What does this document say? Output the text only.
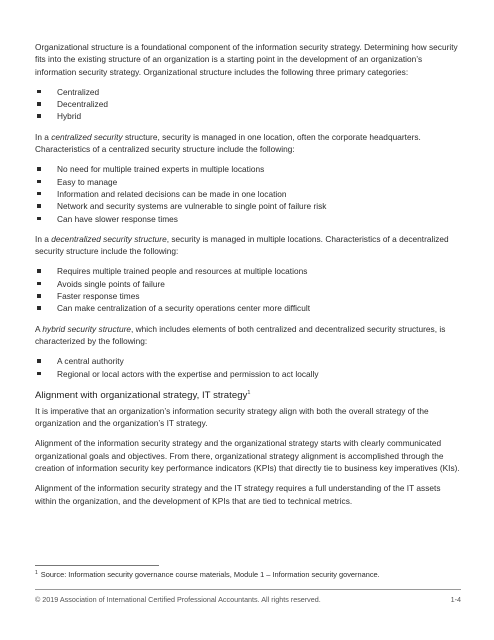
Organizational structure is a foundational component of the information security strategy. Determining how security fits into the existing structure of an organization is a starting point in the development of an organization’s information security strategy. Organizational structure includes the following three primary categories:

Centralized
Decentralized
Hybrid

In a centralized security structure, security is managed in one location, often the corporate headquarters. Characteristics of a centralized security structure include the following:

No need for multiple trained experts in multiple locations
Easy to manage
Information and related decisions can be made in one location
Network and security systems are vulnerable to single point of failure risk
Can have slower response times

In a decentralized security structure, security is managed in multiple locations. Characteristics of a decentralized security structure include the following:

Requires multiple trained people and resources at multiple locations
Avoids single points of failure
Faster response times
Can make centralization of a security operations center more difficult

A hybrid security structure, which includes elements of both centralized and decentralized security structures, is characterized by the following:

A central authority
Regional or local actors with the expertise and permission to act locally
Alignment with organizational strategy, IT strategy$^1$

It is imperative that an organization’s information security strategy align with both the overall strategy of the organization and the organization’s IT strategy.

Alignment of the information security strategy and the organizational strategy starts with clearly communicated organizational goals and objectives. From there, organizational strategy alignment is accomplished through the creation of information security key performance indicators (KPIs) that directly tie to business key imperatives (KIs).

Alignment of the information security strategy and the IT strategy requires a full understanding of the IT assets within the organization, and the development of KPIs that are tied to technical metrics.

$^1$ Source: Information security governance course materials, Module 1 – Information security governance.
© 2019 Association of International Certified Professional Accountants. All rights reserved.	1-4
